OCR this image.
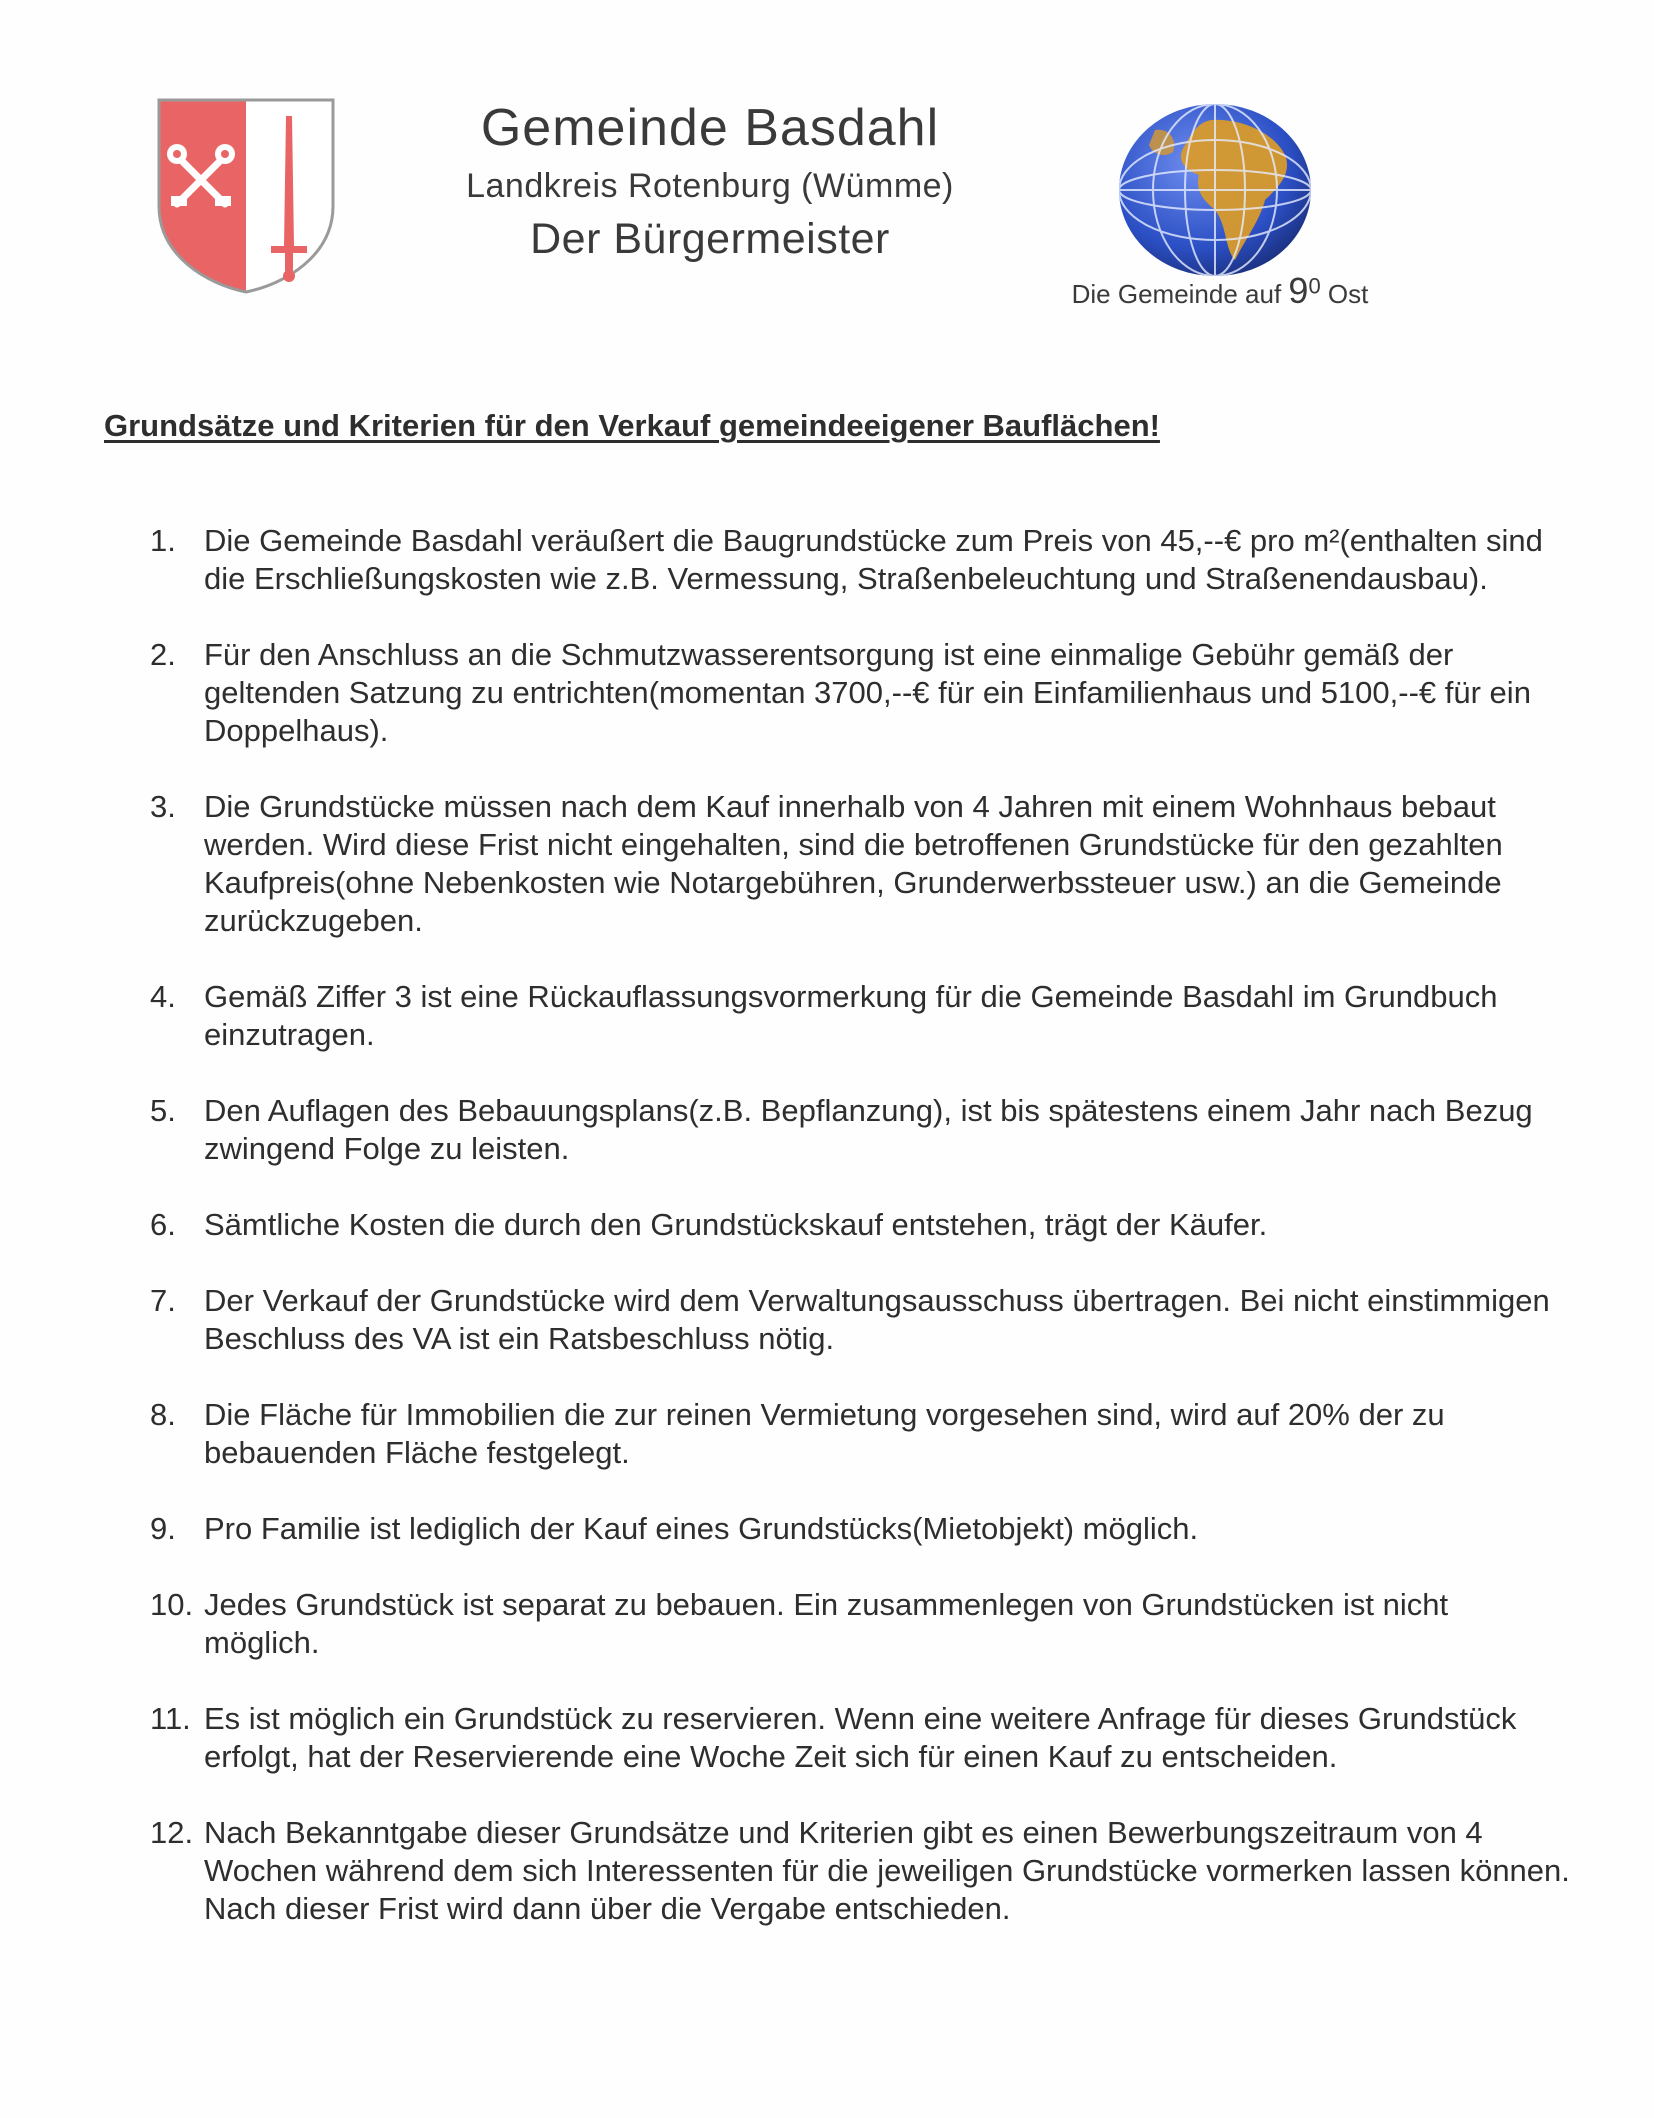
Gemeinde Basdahl

Landkreis Rotenburg (Wümme)

Der Bürgermeister

Die Gemeinde auf $9^0$ Ost
Grundsätze und Kriterien für den Verkauf gemeindeeigener Bauflächen!
1. Die Gemeinde Basdahl veräußert die Baugrundstücke zum Preis von 45,--€ pro m²(enthalten sind die Erschließungskosten wie z.B. Vermessung, Straßenbeleuchtung und Straßenendausbau).
2. Für den Anschluss an die Schmutzwasserentsorgung ist eine einmalige Gebühr gemäß der geltenden Satzung zu entrichten(momentan 3700,--€ für ein Einfamilienhaus und 5100,--€ für ein Doppelhaus).
3. Die Grundstücke müssen nach dem Kauf innerhalb von 4 Jahren mit einem Wohnhaus bebaut werden. Wird diese Frist nicht eingehalten, sind die betroffenen Grundstücke für den gezahlten Kaufpreis(ohne Nebenkosten wie Notargebühren, Grunderwerbssteuer usw.) an die Gemeinde zurückzugeben.
4. Gemäß Ziffer 3 ist eine Rückauflassungsvormerkung für die Gemeinde Basdahl im Grundbuch einzutragen.
5. Den Auflagen des Bebauungsplans(z.B. Bepflanzung), ist bis spätestens einem Jahr nach Bezug zwingend Folge zu leisten.
6. Sämtliche Kosten die durch den Grundstückskauf entstehen, trägt der Käufer.
7. Der Verkauf der Grundstücke wird dem Verwaltungsausschuss übertragen. Bei nicht einstimmigen Beschluss des VA ist ein Ratsbeschluss nötig.
8. Die Fläche für Immobilien die zur reinen Vermietung vorgesehen sind, wird auf 20% der zu bebauenden Fläche festgelegt.
9. Pro Familie ist lediglich der Kauf eines Grundstücks(Mietobjekt) möglich.
10. Jedes Grundstück ist separat zu bebauen. Ein zusammenlegen von Grundstücken ist nicht möglich.
11. Es ist möglich ein Grundstück zu reservieren. Wenn eine weitere Anfrage für dieses Grundstück erfolgt, hat der Reservierende eine Woche Zeit sich für einen Kauf zu entscheiden.
12. Nach Bekanntgabe dieser Grundsätze und Kriterien gibt es einen Bewerbungszeitraum von 4 Wochen während dem sich Interessenten für die jeweiligen Grundstücke vormerken lassen können. Nach dieser Frist wird dann über die Vergabe entschieden.
